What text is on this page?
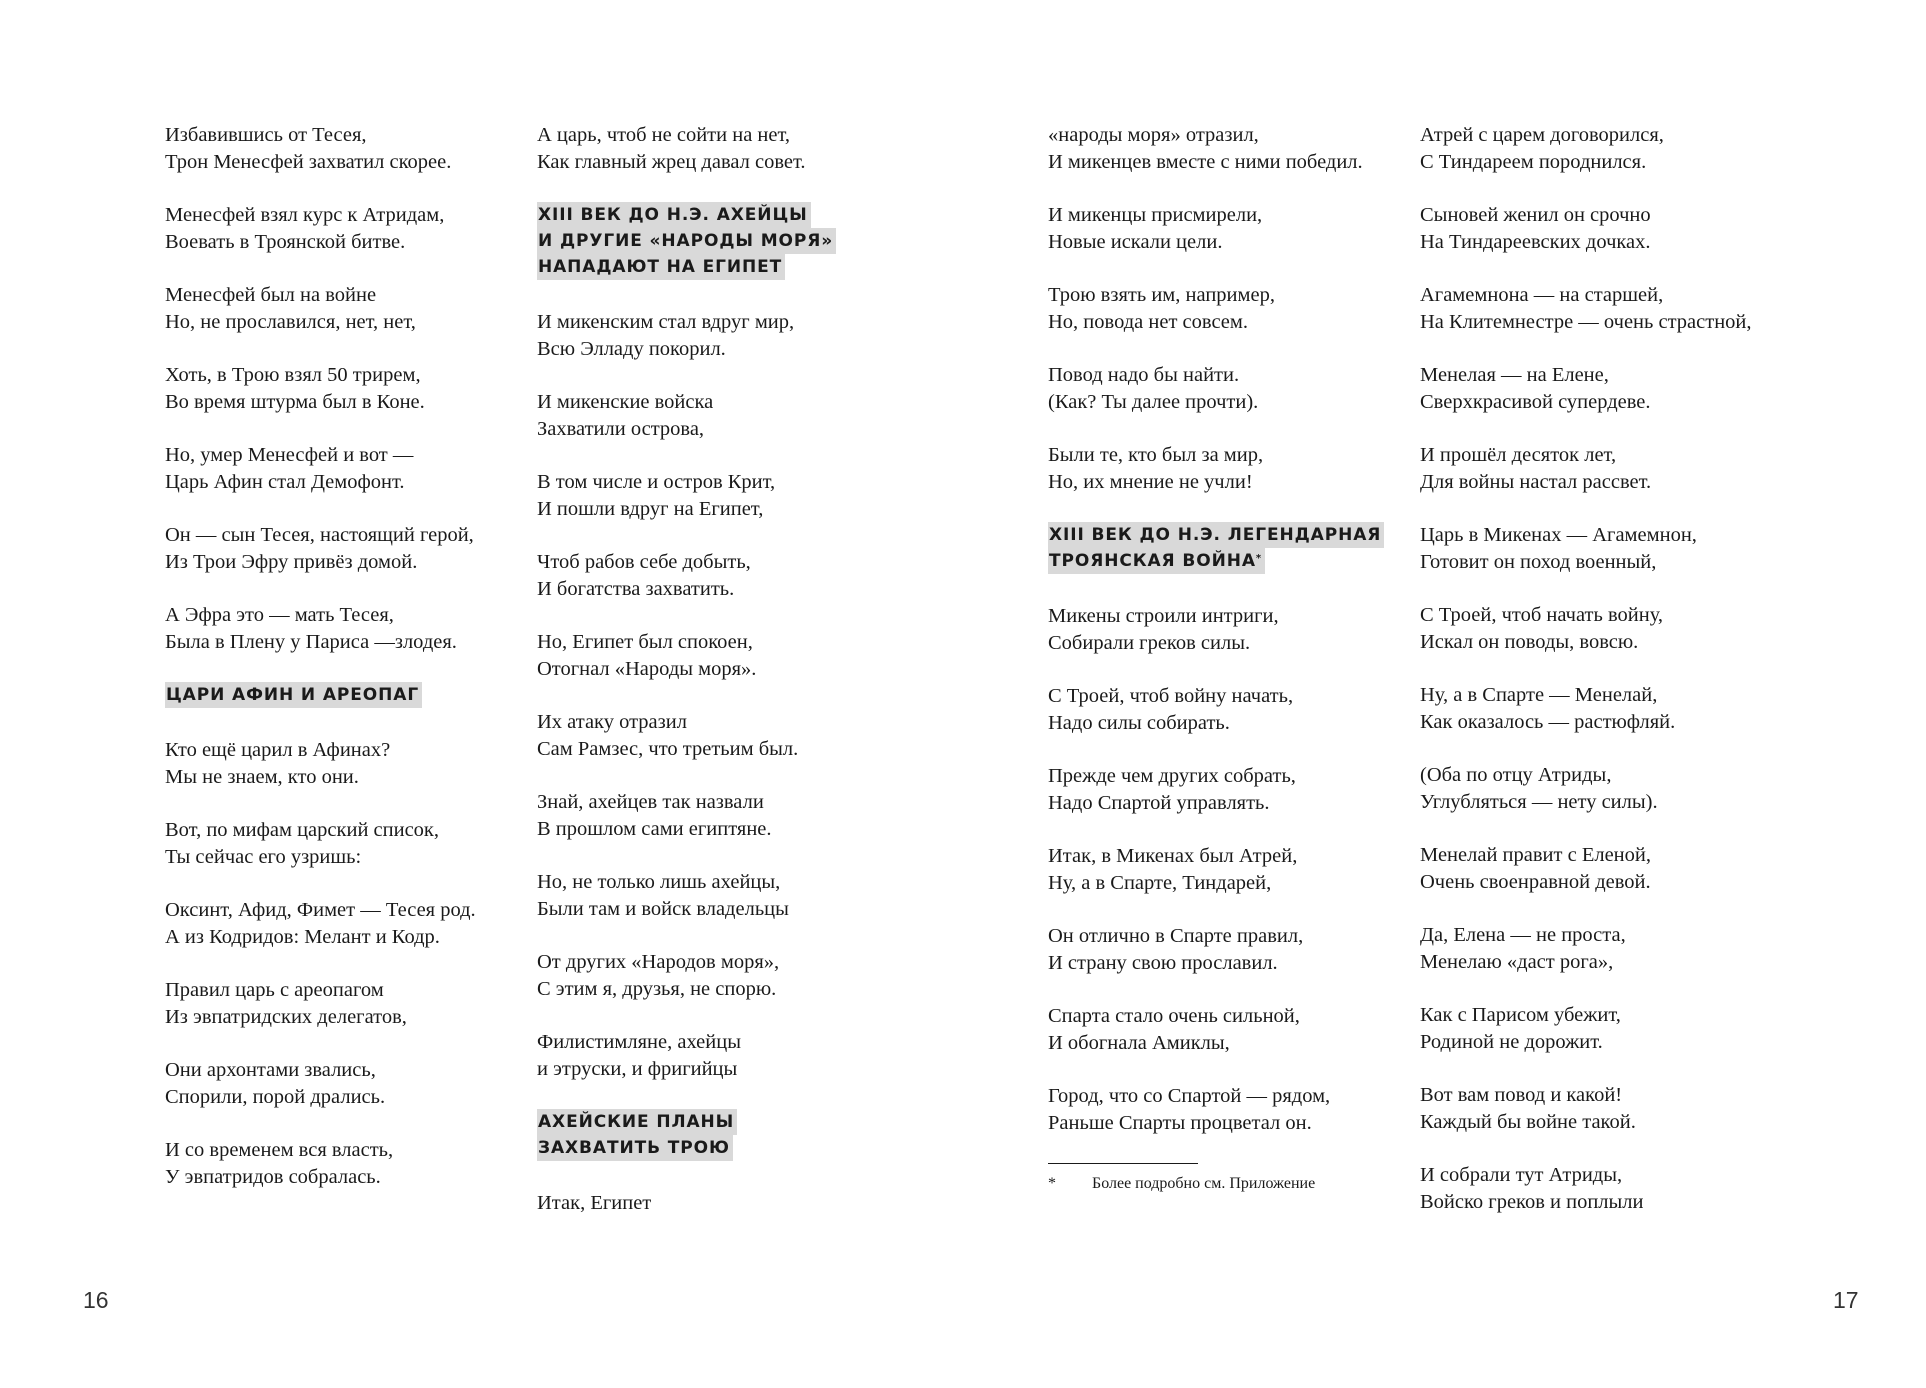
Избавившись от Тесея,
Трон Менесфей захватил скорее.
Менесфей взял курс к Атридам,
Воевать в Троянской битве.
Менесфей был на войне
Но, не прославился, нет, нет,
Хоть, в Трою взял 50 трирем,
Во время штурма был в Коне.
Но, умер Менесфей и вот —
Царь Афин стал Демофонт.
Он — сын Тесея, настоящий герой,
Из Трои Эфру привёз домой.
А Эфра это — мать Тесея,
Была в Плену у Париса —злодея.
ЦАРИ АФИН И АРЕОПАГ
Кто ещё царил в Афинах?
Мы не знаем, кто они.
Вот, по мифам царский список,
Ты сейчас его узришь:
Оксинт, Афид, Фимет — Тесея род.
А из Кодридов: Мелант и Кодр.
Правил царь с ареопагом
Из эвпатридских делегатов,
Они архонтами звались,
Спорили, порой дрались.
И со временем вся власть,
У эвпатридов собралась.
А царь, чтоб не сойти на нет,
Как главный жрец давал совет.
XIII ВЕК ДО Н.Э. АХЕЙЦЫ
И ДРУГИЕ «НАРОДЫ МОРЯ»
НАПАДАЮТ НА ЕГИПЕТ
И микенским стал вдруг мир,
Всю Элладу покорил.
И микенские войска
Захватили острова,
В том числе и остров Крит,
И пошли вдруг на Египет,
Чтоб рабов себе добыть,
И богатства захватить.
Но, Египет был спокоен,
Отогнал «Народы моря».
Их атаку отразил
Сам Рамзес, что третьим был.
Знай, ахейцев так назвали
В прошлом сами египтяне.
Но, не только лишь ахейцы,
Были там и войск владельцы
От других «Народов моря»,
С этим я, друзья, не спорю.
Филистимляне, ахейцы
и этруски, и фригийцы
АХЕЙСКИЕ ПЛАНЫ
ЗАХВАТИТЬ ТРОЮ
Итак, Египет
16
«народы моря» отразил,
И микенцев вместе с ними победил.
И микенцы присмирели,
Новые искали цели.
Трою взять им, например,
Но, повода нет совсем.
Повод надо бы найти.
(Как? Ты далее прочти).
Были те, кто был за мир,
Но, их мнение не учли!
XIII ВЕК ДО Н.Э. ЛЕГЕНДАРНАЯ
ТРОЯНСКАЯ ВОЙНА*
Микены строили интриги,
Собирали греков силы.
С Троей, чтоб войну начать,
Надо силы собирать.
Прежде чем других собрать,
Надо Спартой управлять.
Итак, в Микенах был Атрей,
Ну, а в Спарте, Тиндарей,
Он отлично в Спарте правил,
И страну свою прославил.
Спарта стало очень сильной,
И обогнала Амиклы,
Город, что со Спартой — рядом,
Раньше Спарты процветал он.
* Более подробно см. Приложение
Атрей с царем договорился,
С Тиндареем породнился.
Сыновей женил он срочно
На Тиндареевских дочках.
Агамемнона — на старшей,
На Клитемнестре — очень страстной,
Менелая — на Елене,
Сверхкрасивой супердеве.
И прошёл десяток лет,
Для войны настал рассвет.
Царь в Микенах — Агамемнон,
Готовит он поход военный,
С Троей, чтоб начать войну,
Искал он поводы, вовсю.
Ну, а в Спарте — Менелай,
Как оказалось — растюфляй.
(Оба по отцу Атриды,
Углубляться — нету силы).
Менелай правит с Еленой,
Очень своенравной девой.
Да, Елена — не проста,
Менелаю «даст рога»,
Как с Парисом убежит,
Родиной не дорожит.
Вот вам повод и какой!
Каждый бы войне такой.
И собрали тут Атриды,
Войско греков и поплыли
17
